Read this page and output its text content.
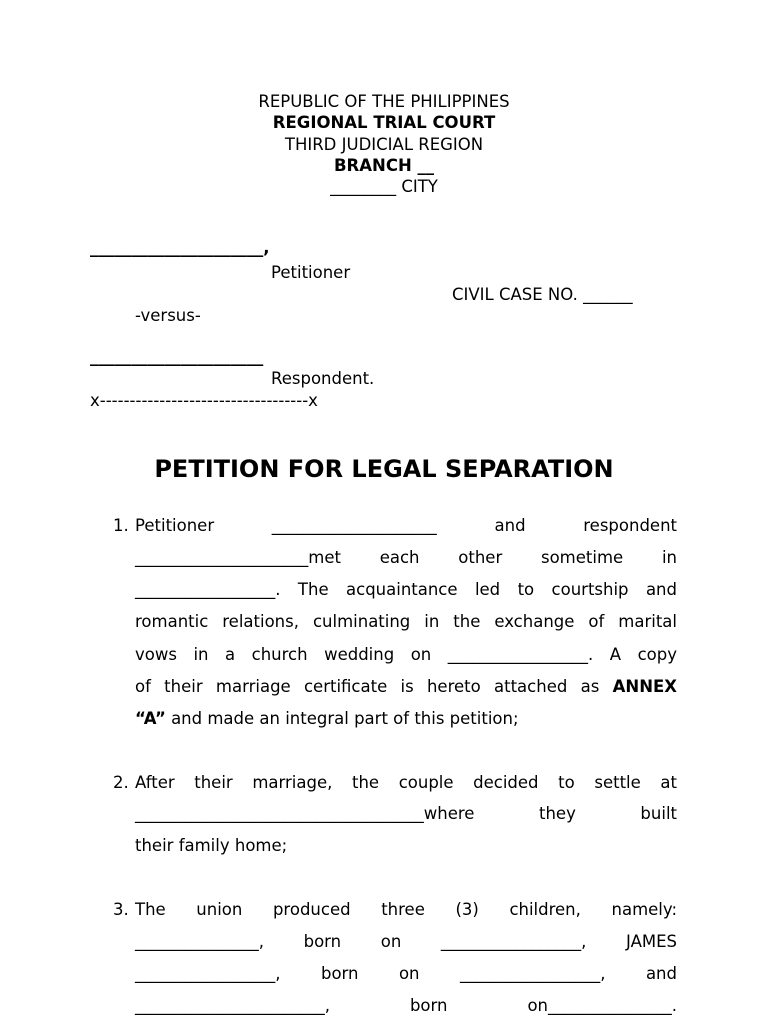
REPUBLIC OF THE PHILIPPINES
REGIONAL TRIAL COURT
THIRD JUDICIAL REGION
BRANCH __
________ CITY
_____________________,
Petitioner
CIVIL CASE NO. ______
-versus-
_____________________
Respondent.
x-----------------------------------x
PETITION FOR LEGAL SEPARATION
1. Petitioner  ____________________  and  respondent
_____________________met  each  other  sometime  in
_________________. The acquaintance led to courtship and
romantic relations, culminating in the exchange of marital
vows in a church wedding on _________________. A copy
of their marriage certificate is hereto attached as ANNEX
“A” and made an integral part of this petition;
2. After their marriage, the couple decided to settle at
___________________________________where they built
their family home;
3. The union produced three (3) children, namely:
_______________, born on _________________, JAMES
_________________, born on _________________, and
_______________________,  born  on_______________.
